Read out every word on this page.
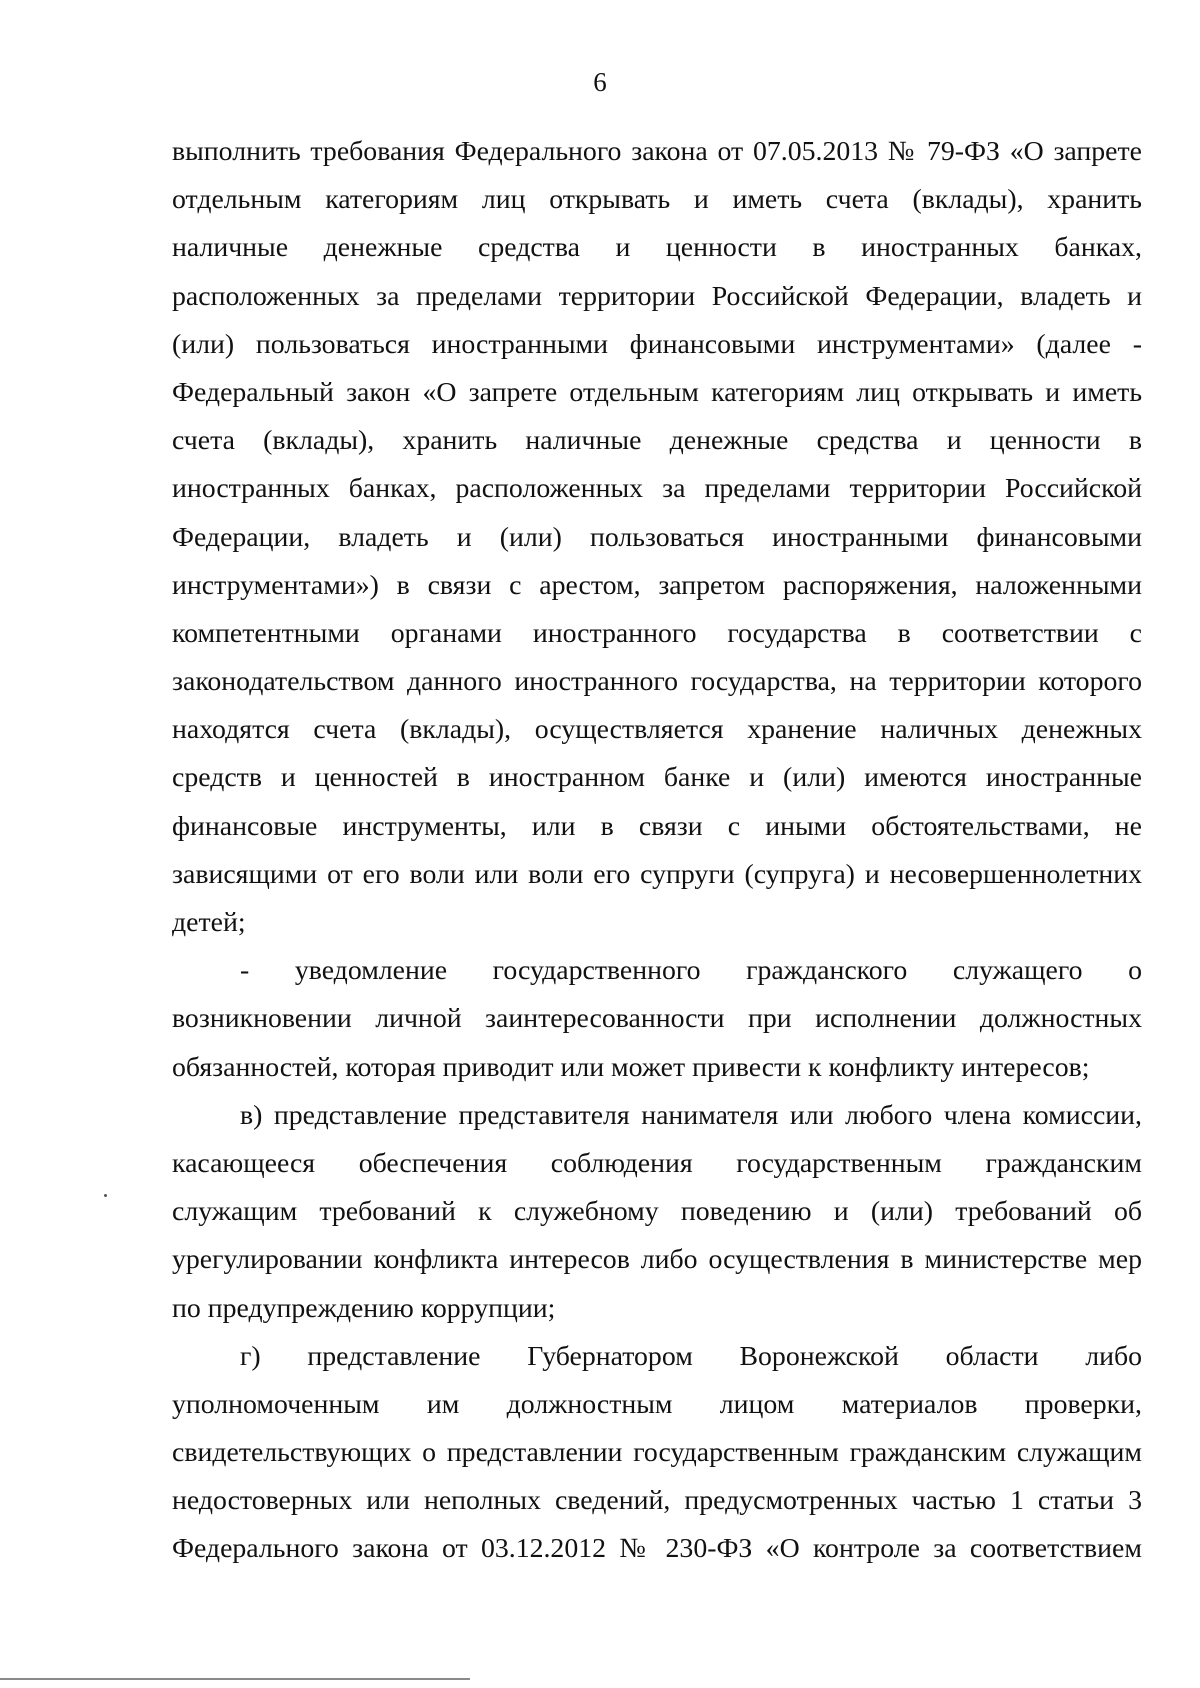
6
выполнить требования Федерального закона от 07.05.2013 № 79-ФЗ «О запрете
отдельным категориям лиц открывать и иметь счета (вклады), хранить
наличные денежные средства и ценности в иностранных банках,
расположенных за пределами территории Российской Федерации, владеть и
(или) пользоваться иностранными финансовыми инструментами» (далее -
Федеральный закон «О запрете отдельным категориям лиц открывать и иметь
счета (вклады), хранить наличные денежные средства и ценности в
иностранных банках, расположенных за пределами территории Российской
Федерации, владеть и (или) пользоваться иностранными финансовыми
инструментами») в связи с арестом, запретом распоряжения, наложенными
компетентными органами иностранного государства в соответствии с
законодательством данного иностранного государства, на территории которого
находятся счета (вклады), осуществляется хранение наличных денежных
средств и ценностей в иностранном банке и (или) имеются иностранные
финансовые инструменты, или в связи с иными обстоятельствами, не
зависящими от его воли или воли его супруги (супруга) и несовершеннолетних
детей;
- уведомление государственного гражданского служащего о
возникновении личной заинтересованности при исполнении должностных
обязанностей, которая приводит или может привести к конфликту интересов;
в) представление представителя нанимателя или любого члена комиссии,
касающееся обеспечения соблюдения государственным гражданским
служащим требований к служебному поведению и (или) требований об
урегулировании конфликта интересов либо осуществления в министерстве мер
по предупреждению коррупции;
г) представление Губернатором Воронежской области либо
уполномоченным им должностным лицом материалов проверки,
свидетельствующих о представлении государственным гражданским служащим
недостоверных или неполных сведений, предусмотренных частью 1 статьи 3
Федерального закона от 03.12.2012 № 230-ФЗ «О контроле за соответствием
